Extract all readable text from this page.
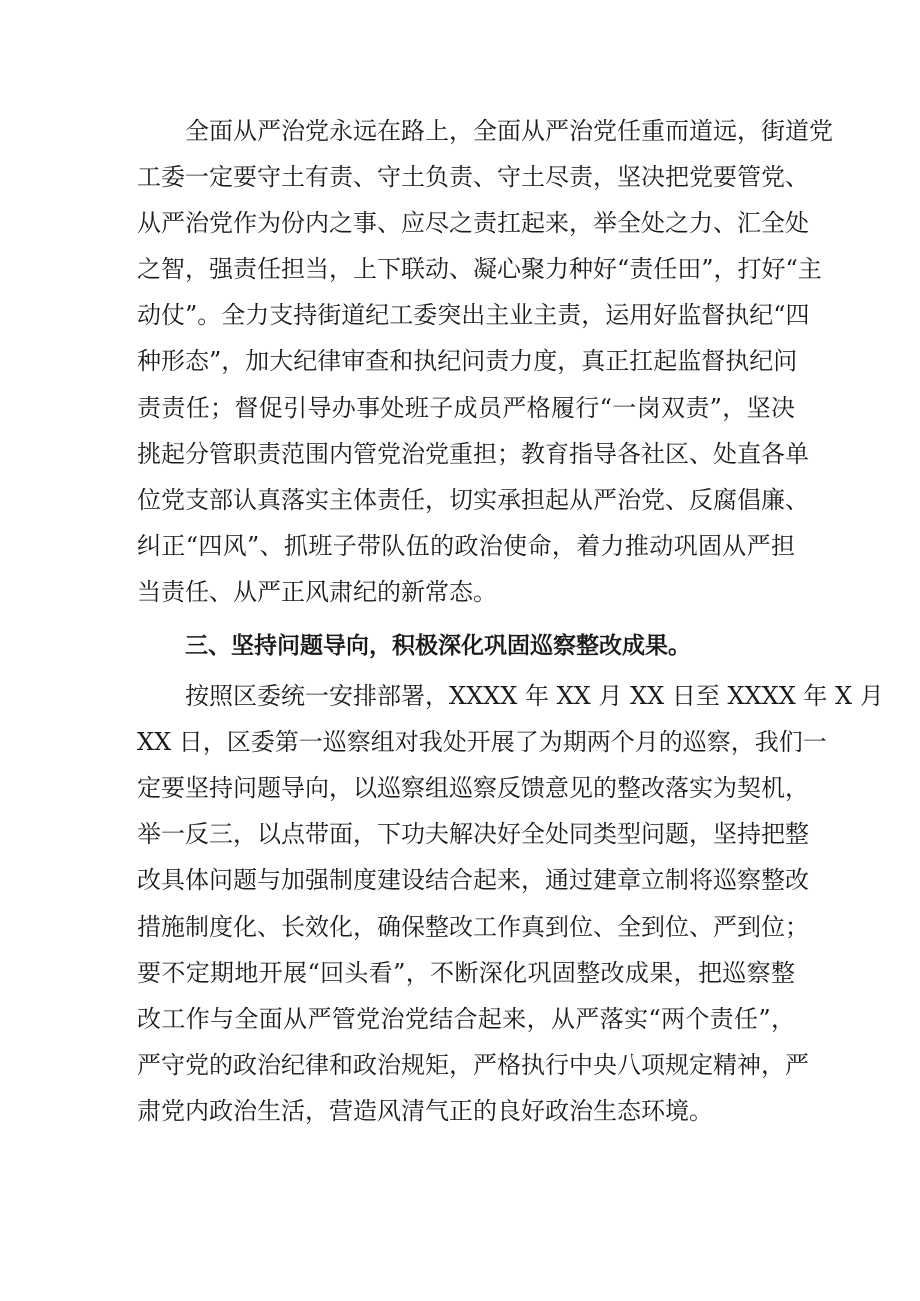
全面从严治党永远在路上，全面从严治党任重而道远，街道党
工委一定要守土有责、守土负责、守土尽责，坚决把党要管党、
从严治党作为份内之事、应尽之责扛起来，举全处之力、汇全处
之智，强责任担当，上下联动、凝心聚力种好“责任田”，打好“主
动仗”。全力支持街道纪工委突出主业主责，运用好监督执纪“四
种形态”，加大纪律审查和执纪问责力度，真正扛起监督执纪问
责责任；督促引导办事处班子成员严格履行“一岗双责”，坚决
挑起分管职责范围内管党治党重担；教育指导各社区、处直各单
位党支部认真落实主体责任，切实承担起从严治党、反腐倡廉、
纠正“四风”、抓班子带队伍的政治使命，着力推动巩固从严担
当责任、从严正风肃纪的新常态。
三、坚持问题导向，积极深化巩固巡察整改成果。
按照区委统一安排部署，XXXX 年 XX 月 XX 日至 XXXX 年 X 月
XX 日，区委第一巡察组对我处开展了为期两个月的巡察，我们一
定要坚持问题导向，以巡察组巡察反馈意见的整改落实为契机，
举一反三，以点带面，下功夫解决好全处同类型问题，坚持把整
改具体问题与加强制度建设结合起来，通过建章立制将巡察整改
措施制度化、长效化，确保整改工作真到位、全到位、严到位；
要不定期地开展“回头看”，不断深化巩固整改成果，把巡察整
改工作与全面从严管党治党结合起来，从严落实“两个责任”，
严守党的政治纪律和政治规矩，严格执行中央八项规定精神，严
肃党内政治生活，营造风清气正的良好政治生态环境。
